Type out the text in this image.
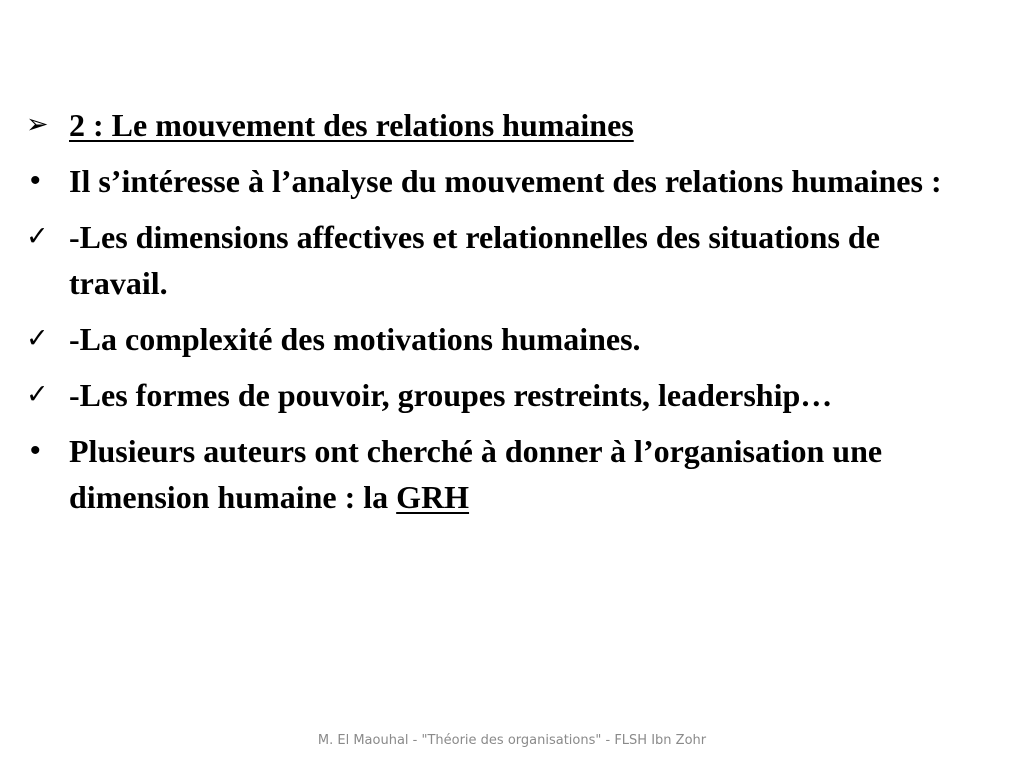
➢ 2 : Le mouvement des relations humaines
• Il s’intéresse à l’analyse du mouvement des relations humaines :
✓ -Les dimensions affectives et relationnelles des situations de travail.
✓ -La complexité des motivations humaines.
✓ -Les formes de pouvoir, groupes restreints, leadership…
• Plusieurs auteurs ont cherché à donner à l’organisation une dimension humaine : la GRH
M. El Maouhal - "Théorie des organisations" - FLSH Ibn Zohr
